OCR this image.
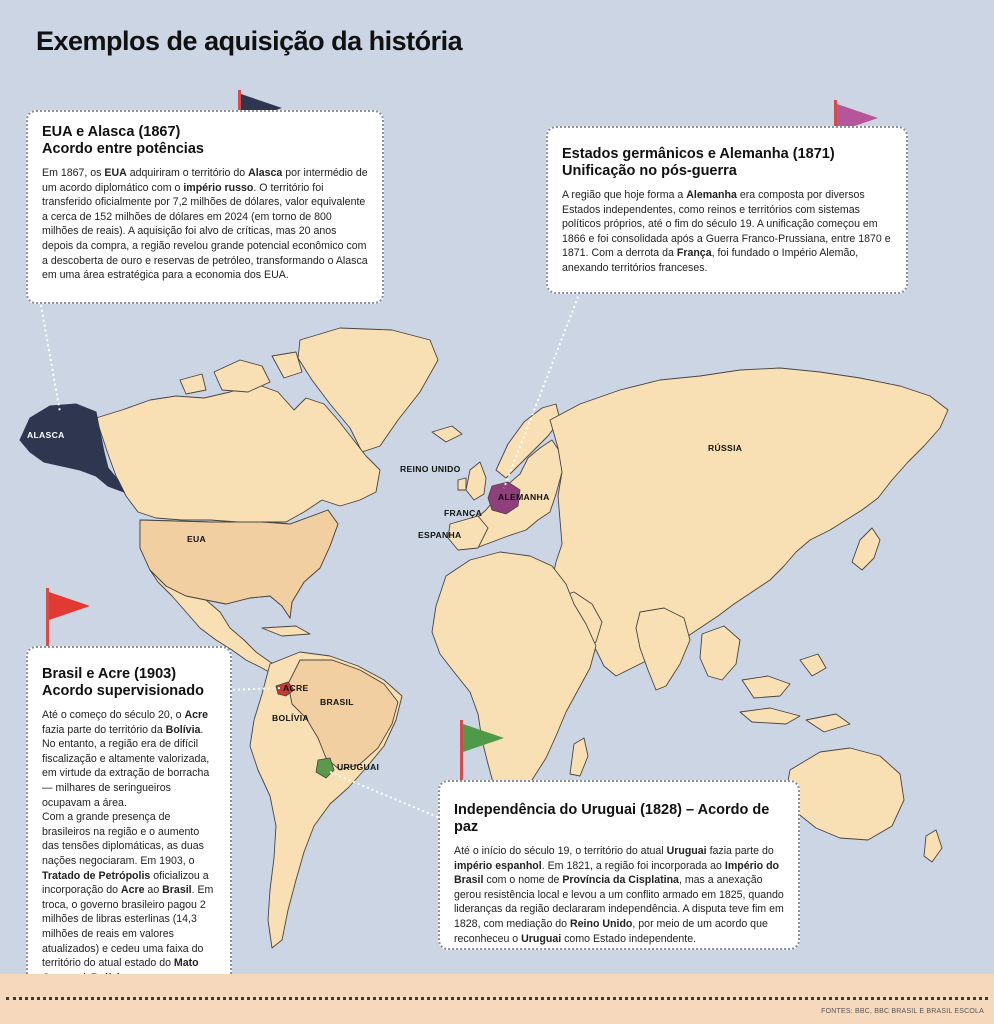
Exemplos de aquisição da história
ALASCA
EUA
RÚSSIA
REINO UNIDO
ALEMANHA
FRANÇA
ESPANHA
ACRE
BRASIL
BOLÍVIA
URUGUAI
EUA e Alasca (1867)
Acordo entre potências

Em 1867, os EUA adquiriram o território do Alasca por intermédio de um acordo diplomático com o império russo. O território foi transferido oficialmente por 7,2 milhões de dólares, valor equivalente a cerca de 152 milhões de dólares em 2024 (em torno de 800 milhões de reais). A aquisição foi alvo de críticas, mas 20 anos depois da compra, a região revelou grande potencial econômico com a descoberta de ouro e reservas de petróleo, transformando o Alasca em uma área estratégica para a economia dos EUA.

Estados germânicos e Alemanha (1871)
Unificação no pós-guerra

A região que hoje forma a Alemanha era composta por diversos Estados independentes, como reinos e territórios com sistemas políticos próprios, até o fim do século 19. A unificação começou em 1866 e foi consolidada após a Guerra Franco-Prussiana, entre 1870 e 1871. Com a derrota da França, foi fundado o Império Alemão, anexando territórios franceses.

Brasil e Acre (1903)
Acordo supervisionado

Até o começo do século 20, o Acre fazia parte do território da Bolívia. No entanto, a região era de difícil fiscalização e altamente valorizada, em virtude da extração de borracha — milhares de seringueiros ocupavam a área.

Com a grande presença de brasileiros na região e o aumento das tensões diplomáticas, as duas nações negociaram. Em 1903, o Tratado de Petrópolis oficializou a incorporação do Acre ao Brasil. Em troca, o governo brasileiro pagou 2 milhões de libras esterlinas (14,3 milhões de reais em valores atualizados) e cedeu uma faixa do território do atual estado do Mato

Independência do Uruguai (1828) – Acordo de paz

Até o início do século 19, o território do atual Uruguai fazia parte do império espanhol. Em 1821, a região foi incorporada ao Império do Brasil com o nome de Província da Cisplatina, mas a anexação gerou resistência local e levou a um conflito armado em 1825, quando lideranças da região declararam independência. A disputa teve fim em 1828, com mediação do Reino Unido, por meio de um acordo que reconheceu o Uruguai como Estado independente.

FONTES: BBC, BBC BRASIL E BRASIL ESCOLA
